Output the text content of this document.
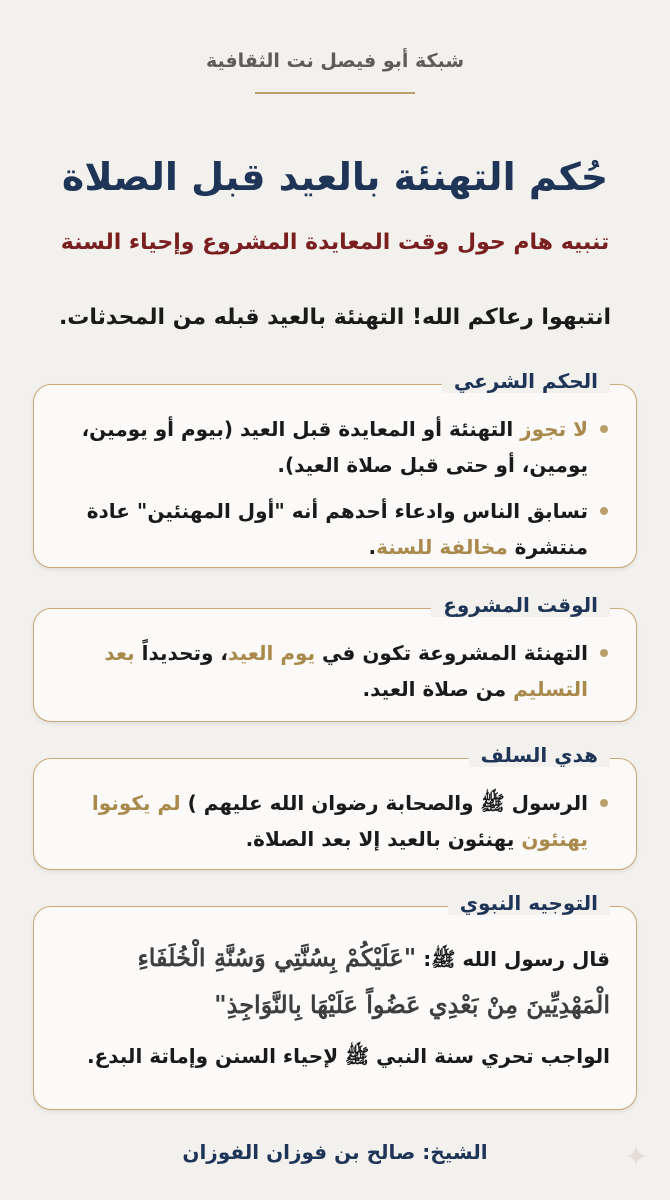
شبكة أبو فيصل نت الثقافية
حُكم التهنئة بالعيد قبل الصلاة
تنبيه هام حول وقت المعايدة المشروع وإحياء السنة
انتبهوا رعاكم الله! التهنئة بالعيد قبله من المحدثات.
الحكم الشرعي
لا تجوز التهنئة أو المعايدة قبل العيد (بيوم أو يومين، يومين، أو حتى قبل صلاة العيد).
تسابق الناس وادعاء أحدهم أنه "أول المهنئين" عادة منتشرة مخالفة للسنة.
الوقت المشروع
التهنئة المشروعة تكون في يوم العيد، وتحديداً بعد التسليم من صلاة العيد.
هدي السلف
الرسول ﷺ والصحابة رضوان الله عليهم ) لم يكونوا يهنئون يهنئون بالعيد إلا بعد الصلاة.
التوجيه النبوي

قال رسول الله ﷺ: "عَلَيْكُمْ بِسُنَّتِي وَسُنَّةِ الْخُلَفَاءِ

الْمَهْدِيِّينَ مِنْ بَعْدِي عَضُواً عَلَيْهَا بِالنَّوَاجِذِ"

الواجب تحري سنة النبي ﷺ لإحياء السنن وإماتة البدع.

الشيخ: صالح بن فوزان الفوزان	✦
